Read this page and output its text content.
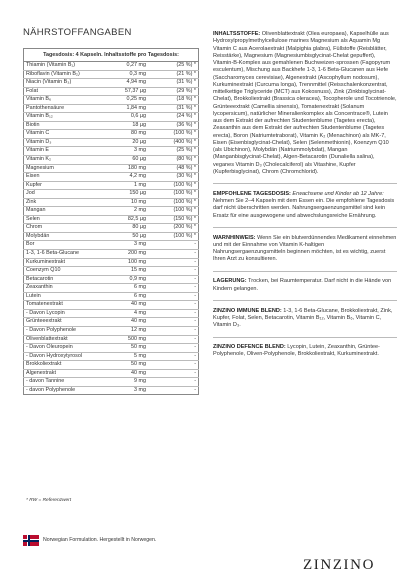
NÄHRSTOFFANGABEN
Tagesdosis: 4 Kapseln. Inhaltsstoffe pro Tagesdosis:		
Thiamin (Vitamin B₁)	0,27 mg	(25 %) *
Riboflavin (Vitamin B₂)	0,3 mg	(21 %) *
Niacin (Vitamin B₃)	4,94 mg	(31 %) *
Folat	57,37 µg	(29 %) *
Vitamin B₆	0,25 mg	(18 %) *
Pantothensäure	1,84 mg	(31 %) *
Vitamin B₁₂	0,6 µg	(24 %) *
Biotin	18 µg	(36 %) *
Vitamin C	80 mg	(100 %) *
Vitamin D₃	20 µg	(400 %) *
Vitamin E	3 mg	(25 %) *
Vitamin K₂	60 µg	(80 %) *
Magnesium	180 mg	(48 %) *
Eisen	4,2 mg	(30 %) *
Kupfer	1 mg	(100 %) *
Jod	150 µg	(100 %) *
Zink	10 mg	(100 %) *
Mangan	2 mg	(100 %) *
Selen	82,5 µg	(150 %) *
Chrom	80 µg	(200 %) *
Molybdän	50 µg	(100 %) *
Bor	3 mg	-
1-3, 1-6 Beta-Glucane	200 mg	-
Kurkuminextrakt	100 mg	-
Coenzym Q10	15 mg	-
Betacarotin	0,9 mg	-
Zeaxanthin	6 mg	-
Lutein	6 mg	-
Tomatenextrakt	40 mg	-
- Davon Lycopin	4 mg	-
Grünteeextrakt	40 mg	-
- Davon Polyphenole	12 mg	-
Olivenblattextrakt	500 mg	-
- Davon Oleuropein	50 mg	-
- Davon Hydroxytyrosol	5 mg	-
Brokkoliextrakt	50 mg	-
Algenextrakt	40 mg	-
- davon Tannine	9 mg	-
- davon Polyphenole	3 mg	-
* RW = Referenzwert

INHALTSSTOFFE: Olivenblattextrakt (Olea europaea), Kapselhülle aus Hydroxylpropylmethylcellulose marines Magnesium als Aquamin Mg Vitamin C aus Acerolaextrakt (Malpighia glabra), Füllstoffe (Reisblätter, Reisstärke), Magnesium (Magnesiumbisglycinat-Chelat gepuffert), Vitamin-B-Komplex aus gemahlenen Buchweizen-sprossen (Fagopyrum esculentum), Mischung aus Backhefe 1-3, 1-6 Beta-Glucanen aus Hefe (Saccharomyces cerevisiae), Algenextrakt (Ascophyllum nodosum), Kurkuminextrakt (Curcuma longa), Trennmittel (Reisschalenkonzentrat, mittelkettige Triglyceride (MCT) aus Kokosnuss), Zink (Zinkbisglycinat-Chelat), Brokkoliextrakt (Brassica oleracea), Tocopherole und Tocotrienole, Grünteeextrakt (Camellia sinensis), Tomatenextrakt (Solanum lycopersicum), natürlicher Mineralienkomplex als Concentrace®, Lutein aus dem Extrakt der aufrechten Studentenblume (Tagetes erecta), Zeaxanthin aus dem Extrakt der aufrechten Studentenblume (Tagetes erecta), Boron (Natriumtetraborat), Vitamin K₂ (Menachinon) als MK-7, Eisen (Eisenbisglycinat-Chelat), Selen (Selenmethionin), Koenzym Q10 (als Ubichinon), Molybdän (Natriummolybdat), Mangan (Manganbisglycinat-Chelat), Algen-Betacarotin (Dunaliella salina), veganes Vitamin D₃ (Cholecalciferol) als Vitashine, Kupfer (Kupferbisglycinat), Chrom (Chromchlorid).

EMPFOHLENE TAGESDOSIS: Erwachsene und Kinder ab 12 Jahre: Nehmen Sie 2–4 Kapseln mit dem Essen ein. Die empfohlene Tagesdosis darf nicht überschritten werden. Nahrungsergaenzungsmittel sind kein Ersatz für eine ausgewogene und abwechslungsreiche Ernährung.

WARNHINWEIS: Wenn Sie ein blutverdünnendes Medikament einnehmen und mit der Einnahme von Vitamin K-haltigen Nahrungsergaenzungsmitteln beginnen möchten, ist es wichtig, zuerst Ihren Arzt zu konsultieren.

LAGERUNG: Trocken, bei Raumtemperatur. Darf nicht in die Hände von Kindern gelangen.

ZINZINO IMMUNE BLEND: 1-3, 1-6 Beta-Glucane, Brokkoliextrakt, Zink, Kupfer, Folat, Selen, Betacarotin, Vitamin B₁₂, Vitamin B₆, Vitamin C, Vitamin D₃.

ZINZINO DEFENCE BLEND: Lycopin, Lutein, Zeaxanthin, Grüntee-Polyphenole, Oliven-Polyphenole, Brokkoliextrakt, Kurkuminextrakt.

Norwegian Formulation. Hergestellt in Norwegen.
ZINZINO
